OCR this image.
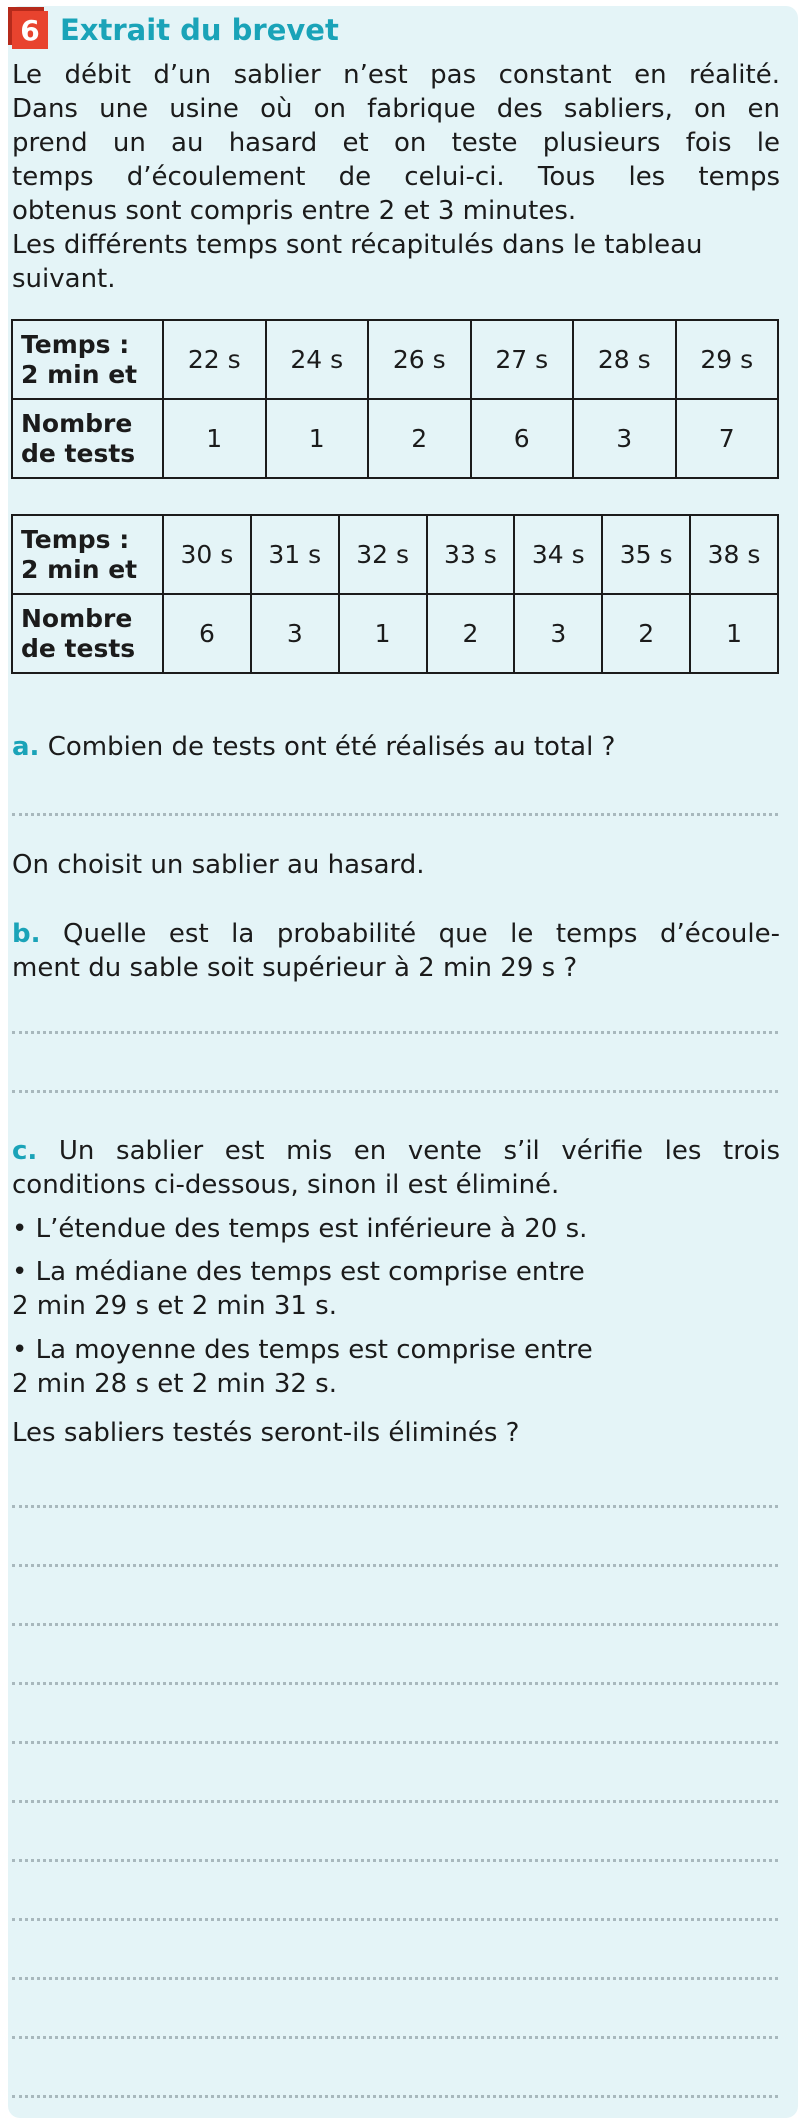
6 Extrait du brevet

Le débit d’un sablier n’est pas constant en réalité.
Dans une usine où on fabrique des sabliers, on en
prend un au hasard et on teste plusieurs fois le
temps d’écoulement de celui-ci. Tous les temps
obtenus sont compris entre 2 et 3 minutes.
Les différents temps sont récapitulés dans le tableau
suivant.

Temps :
2 min et	22 s	24 s	26 s	27 s	28 s	29 s
Nombre
de tests	1	1	2	6	3	7
Temps :
2 min et	30 s	31 s	32 s	33 s	34 s	35 s	38 s
Nombre
de tests	6	3	1	2	3	2	1

a. Combien de tests ont été réalisés au total ?

On choisit un sablier au hasard.

b. Quelle est la probabilité que le temps d’écoule-
ment du sable soit supérieur à 2 min 29 s ?

c. Un sablier est mis en vente s’il vérifie les trois
conditions ci-dessous, sinon il est éliminé.

• L’étendue des temps est inférieure à 20 s.

• La médiane des temps est comprise entre
2 min 29 s et 2 min 31 s.

• La moyenne des temps est comprise entre
2 min 28 s et 2 min 32 s.

Les sabliers testés seront-ils éliminés ?
